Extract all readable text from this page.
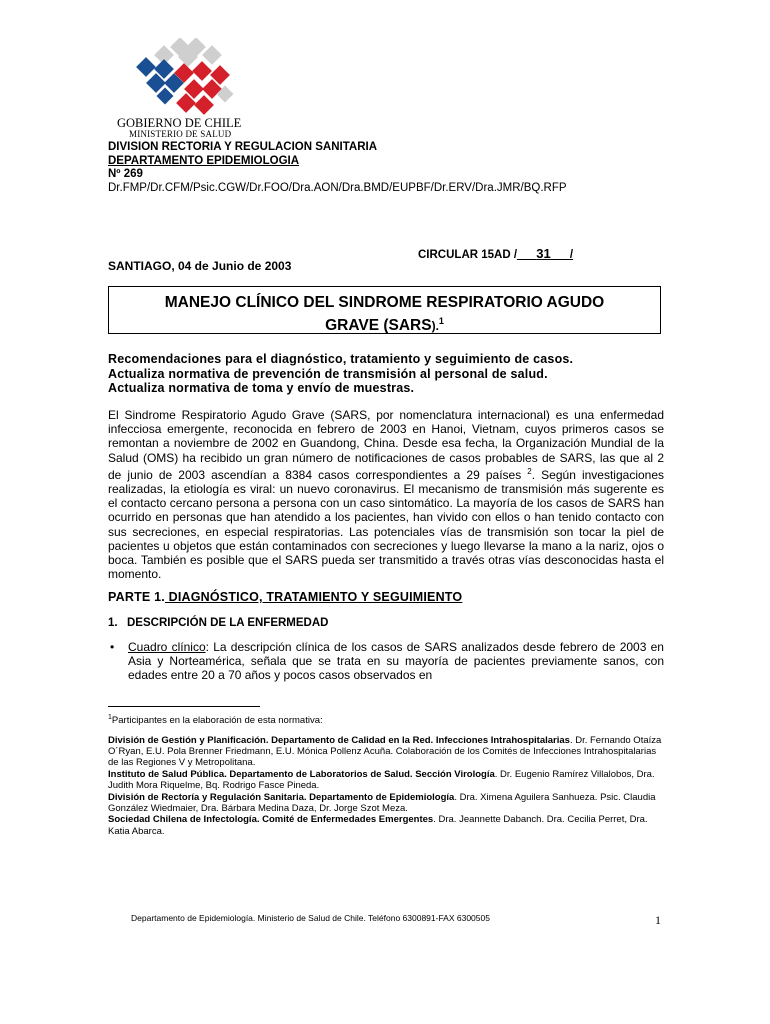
GOBIERNO DE CHILE
MINISTERIO DE SALUD
DIVISION RECTORIA Y REGULACION SANITARIA
DEPARTAMENTO EPIDEMIOLOGIA
Nº 269
Dr.FMP/Dr.CFM/Psic.CGW/Dr.FOO/Dra.AON/Dra.BMD/EUPBF/Dr.ERV/Dra.JMR/BQ.RFP
CIRCULAR 15AD /___31___/
SANTIAGO, 04 de Junio de 2003
MANEJO CLÍNICO DEL SINDROME RESPIRATORIO AGUDO
GRAVE (SARS).$^1$
Recomendaciones para el diagnóstico, tratamiento y seguimiento de casos.
Actualiza normativa de prevención de transmisión al personal de salud.
Actualiza normativa de toma y envío de muestras.
El Sindrome Respiratorio Agudo Grave (SARS, por nomenclatura internacional) es una enfermedad infecciosa emergente, reconocida en febrero de 2003 en Hanoi, Vietnam, cuyos primeros casos se remontan a noviembre de 2002 en Guandong, China. Desde esa fecha, la Organización Mundial de la Salud (OMS) ha recibido un gran número de notificaciones de casos probables de SARS, las que al 2 de junio de 2003 ascendían a 8384 casos correspondientes a 29 países $^2$. Según investigaciones realizadas, la etiología es viral: un nuevo coronavirus. El mecanismo de transmisión más sugerente es el contacto cercano persona a persona con un caso sintomático. La mayoría de los casos de SARS han ocurrido en personas que han atendido a los pacientes, han vivido con ellos o han tenido contacto con sus secreciones, en especial respiratorias. Las potenciales vías de transmisión son tocar la piel de pacientes u objetos que están contaminados con secreciones y luego llevarse la mano a la nariz, ojos o boca. También es posible que el SARS pueda ser transmitido a través otras vías desconocidas hasta el momento.
PARTE 1. DIAGNÓSTICO, TRATAMIENTO Y SEGUIMIENTO
1. DESCRIPCIÓN DE LA ENFERMEDAD
• Cuadro clínico: La descripción clínica de los casos de SARS analizados desde febrero de 2003 en Asia y Norteamérica, señala que se trata en su mayoría de pacientes previamente sanos, con edades entre 20 a 70 años y pocos casos observados en
$^1$Participantes en la elaboración de esta normativa:
División de Gestión y Planificación. Departamento de Calidad en la Red. Infecciones Intrahospitalarias. Dr. Fernando Otaíza O´Ryan, E.U. Pola Brenner Friedmann, E.U. Mónica Pollenz Acuña. Colaboración de los Comités de Infecciones Intrahospitalarias de las Regiones V y Metropolitana.
Instituto de Salud Pública. Departamento de Laboratorios de Salud. Sección Virología. Dr. Eugenio Ramírez Villalobos, Dra. Judith Mora Riquelme, Bq. Rodrigo Fasce Pineda.
División de Rectoría y Regulación Sanitaria. Departamento de Epidemiología. Dra. Ximena Aguilera Sanhueza. Psic. Claudia González Wiedmaier, Dra. Bárbara Medina Daza, Dr. Jorge Szot Meza.
Sociedad Chilena de Infectología. Comité de Enfermedades Emergentes. Dra. Jeannette Dabanch. Dra. Cecilia Perret, Dra. Katia Abarca.
Departamento de Epidemiología. Ministerio de Salud de Chile. Teléfono 6300891-FAX 6300505	1
